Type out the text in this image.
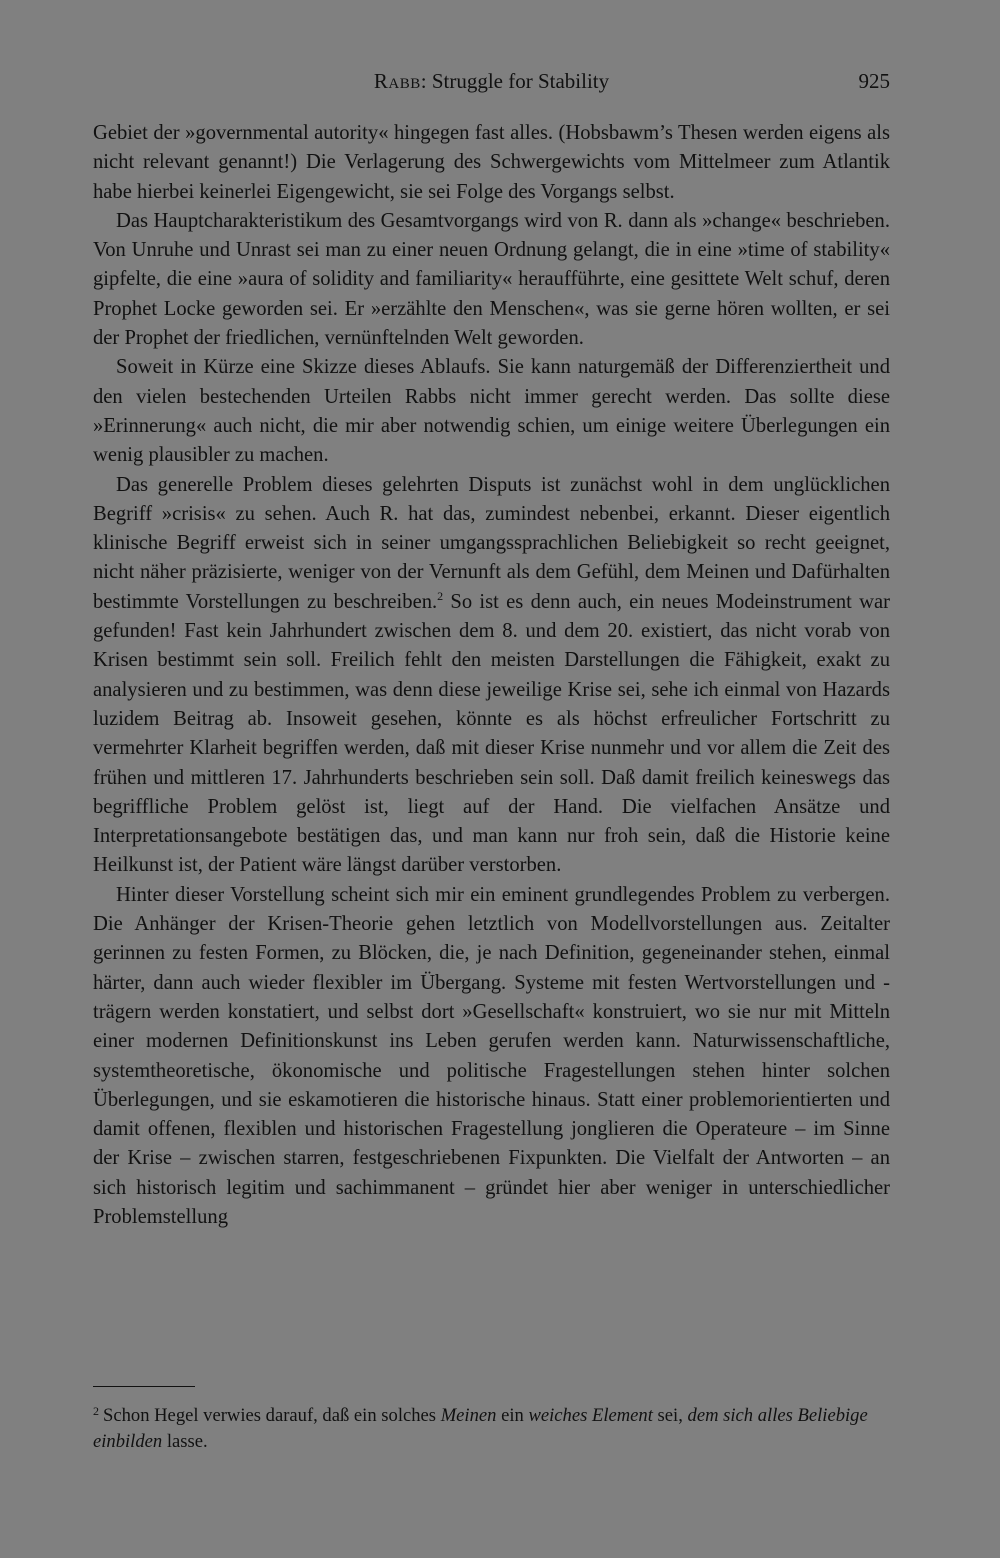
Rabb: Struggle for Stability	925

Gebiet der »governmental autority« hingegen fast alles. (Hobsbawm’s Thesen werden eigens als nicht relevant genannt!) Die Verlagerung des Schwergewichts vom Mittelmeer zum Atlantik habe hierbei keinerlei Eigengewicht, sie sei Folge des Vorgangs selbst.

Das Hauptcharakteristikum des Gesamtvorgangs wird von R. dann als »change« beschrieben. Von Unruhe und Unrast sei man zu einer neuen Ordnung gelangt, die in eine »time of stability« gipfelte, die eine »aura of solidity and familiarity« heraufführte, eine gesittete Welt schuf, deren Prophet Locke geworden sei. Er »erzählte den Menschen«, was sie gerne hören wollten, er sei der Prophet der friedlichen, vernünftelnden Welt geworden.

Soweit in Kürze eine Skizze dieses Ablaufs. Sie kann naturgemäß der Differenziertheit und den vielen bestechenden Urteilen Rabbs nicht immer gerecht werden. Das sollte diese »Erinnerung« auch nicht, die mir aber notwendig schien, um einige weitere Überlegungen ein wenig plausibler zu machen.

Das generelle Problem dieses gelehrten Disputs ist zunächst wohl in dem unglücklichen Begriff »crisis« zu sehen. Auch R. hat das, zumindest nebenbei, erkannt. Dieser eigentlich klinische Begriff erweist sich in seiner umgangssprachlichen Beliebigkeit so recht geeignet, nicht näher präzisierte, weniger von der Vernunft als dem Gefühl, dem Meinen und Dafürhalten bestimmte Vorstellungen zu beschreiben.$^2$ So ist es denn auch, ein neues Modeinstrument war gefunden! Fast kein Jahrhundert zwischen dem 8. und dem 20. existiert, das nicht vorab von Krisen bestimmt sein soll. Freilich fehlt den meisten Darstellungen die Fähigkeit, exakt zu analysieren und zu bestimmen, was denn diese jeweilige Krise sei, sehe ich einmal von Hazards luzidem Beitrag ab. Insoweit gesehen, könnte es als höchst erfreulicher Fortschritt zu vermehrter Klarheit begriffen werden, daß mit dieser Krise nunmehr und vor allem die Zeit des frühen und mittleren 17. Jahrhunderts beschrieben sein soll. Daß damit freilich keineswegs das begriffliche Problem gelöst ist, liegt auf der Hand. Die vielfachen Ansätze und Interpretationsangebote bestätigen das, und man kann nur froh sein, daß die Historie keine Heilkunst ist, der Patient wäre längst darüber verstorben.

Hinter dieser Vorstellung scheint sich mir ein eminent grundlegendes Problem zu verbergen. Die Anhänger der Krisen-Theorie gehen letztlich von Modellvorstellungen aus. Zeitalter gerinnen zu festen Formen, zu Blöcken, die, je nach Definition, gegeneinander stehen, einmal härter, dann auch wieder flexibler im Übergang. Systeme mit festen Wertvorstellungen und -trägern werden konstatiert, und selbst dort »Gesellschaft« konstruiert, wo sie nur mit Mitteln einer modernen Definitionskunst ins Leben gerufen werden kann. Naturwissenschaftliche, systemtheoretische, ökonomische und politische Fragestellungen stehen hinter solchen Überlegungen, und sie eskamotieren die historische hinaus. Statt einer problemorientierten und damit offenen, flexiblen und historischen Fragestellung jonglieren die Operateure – im Sinne der Krise – zwischen starren, festgeschriebenen Fixpunkten. Die Vielfalt der Antworten – an sich historisch legitim und sachimmanent – gründet hier aber weniger in unterschiedlicher Problemstellung

$^2$ Schon Hegel verwies darauf, daß ein solches Meinen ein weiches Element sei, dem sich alles Beliebige einbilden lasse.
